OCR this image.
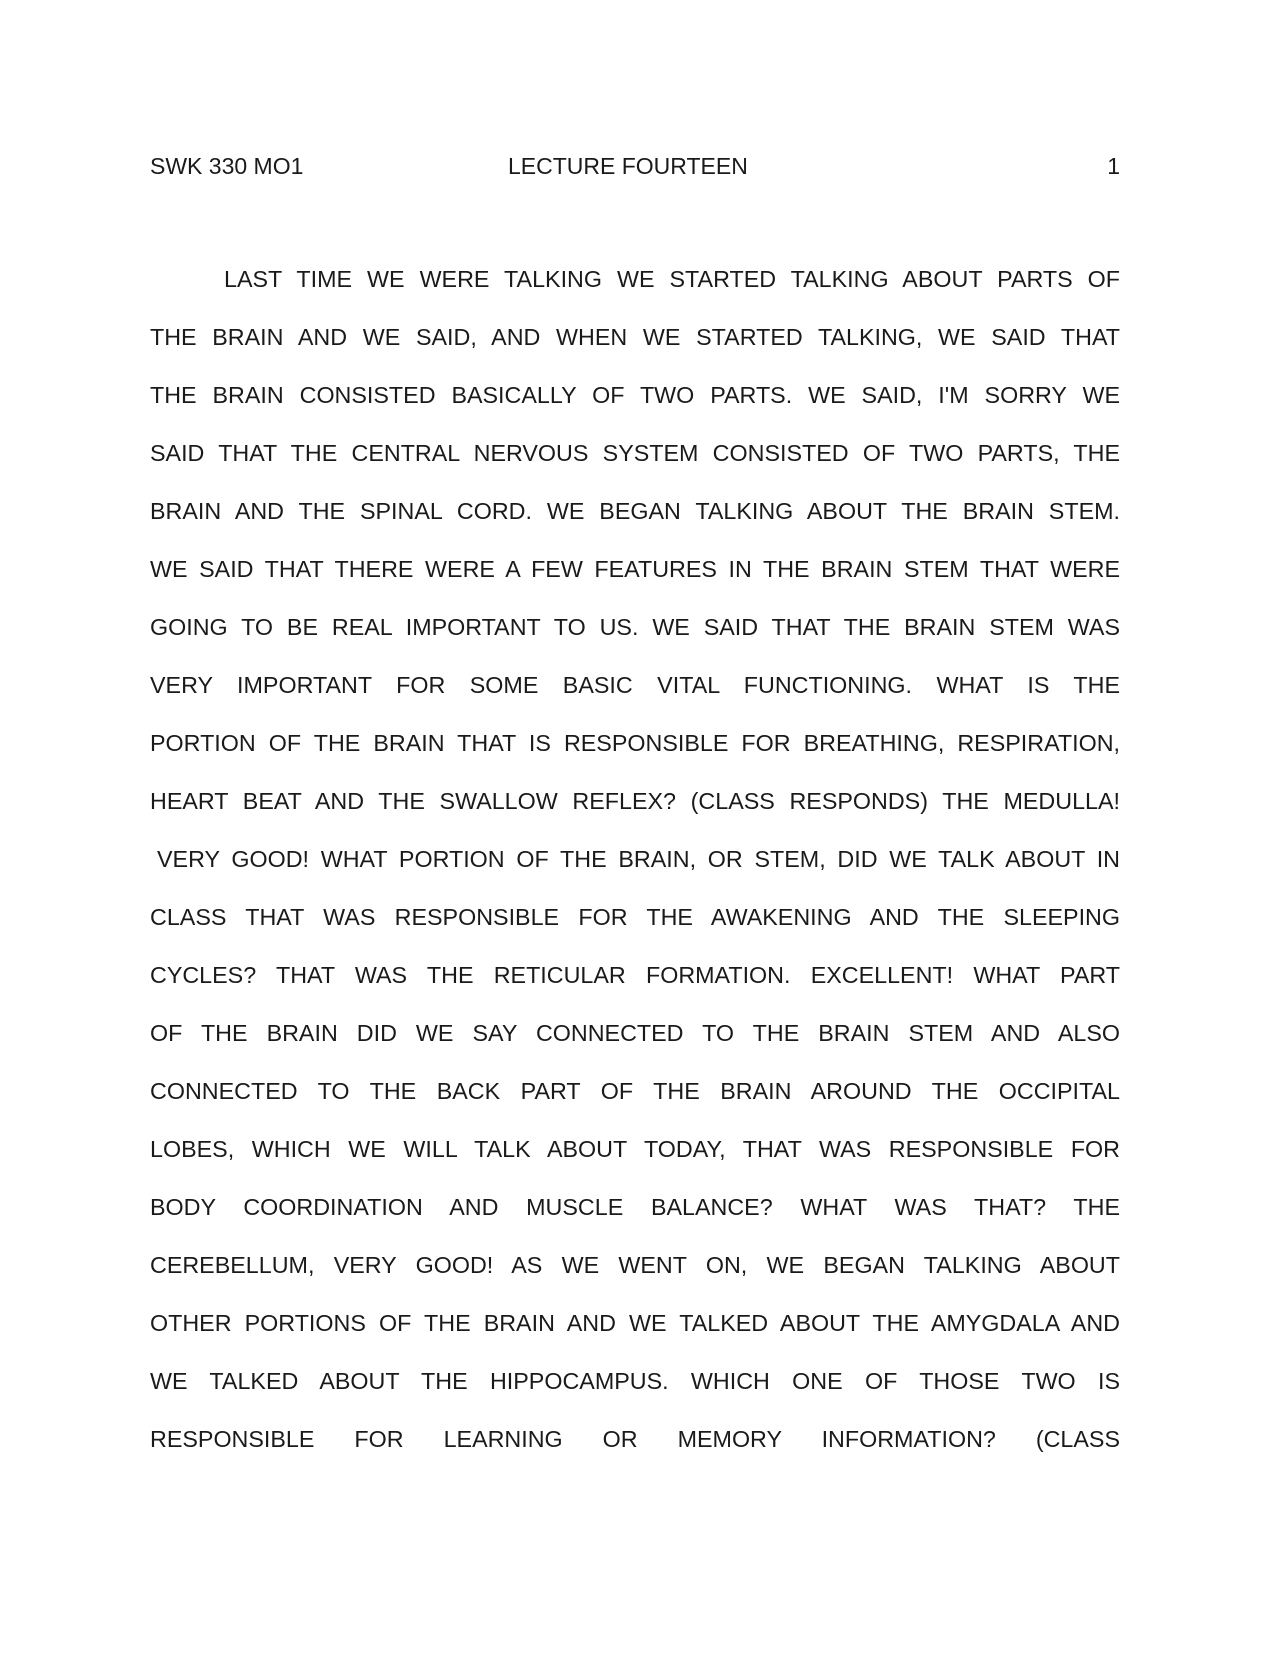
SWK 330 MO1	LECTURE FOURTEEN	1
LAST TIME WE WERE TALKING WE STARTED TALKING ABOUT PARTS OF
THE BRAIN AND WE SAID, AND WHEN WE STARTED TALKING, WE SAID THAT
THE BRAIN CONSISTED BASICALLY OF TWO PARTS. WE SAID, I'M SORRY WE
SAID THAT THE CENTRAL NERVOUS SYSTEM CONSISTED OF TWO PARTS, THE
BRAIN AND THE SPINAL CORD. WE BEGAN TALKING ABOUT THE BRAIN STEM.
WE SAID THAT THERE WERE A FEW FEATURES IN THE BRAIN STEM THAT WERE
GOING TO BE REAL IMPORTANT TO US. WE SAID THAT THE BRAIN STEM WAS
VERY IMPORTANT FOR SOME BASIC VITAL FUNCTIONING. WHAT IS THE
PORTION OF THE BRAIN THAT IS RESPONSIBLE FOR BREATHING, RESPIRATION,
HEART BEAT AND THE SWALLOW REFLEX? (CLASS RESPONDS) THE MEDULLA!
VERY GOOD! WHAT PORTION OF THE BRAIN, OR STEM, DID WE TALK ABOUT IN
CLASS THAT WAS RESPONSIBLE FOR THE AWAKENING AND THE SLEEPING
CYCLES? THAT WAS THE RETICULAR FORMATION. EXCELLENT! WHAT PART
OF THE BRAIN DID WE SAY CONNECTED TO THE BRAIN STEM AND ALSO
CONNECTED TO THE BACK PART OF THE BRAIN AROUND THE OCCIPITAL
LOBES, WHICH WE WILL TALK ABOUT TODAY, THAT WAS RESPONSIBLE FOR
BODY COORDINATION AND MUSCLE BALANCE? WHAT WAS THAT? THE
CEREBELLUM, VERY GOOD! AS WE WENT ON, WE BEGAN TALKING ABOUT
OTHER PORTIONS OF THE BRAIN AND WE TALKED ABOUT THE AMYGDALA AND
WE TALKED ABOUT THE HIPPOCAMPUS. WHICH ONE OF THOSE TWO IS
RESPONSIBLE FOR LEARNING OR MEMORY INFORMATION? (CLASS
